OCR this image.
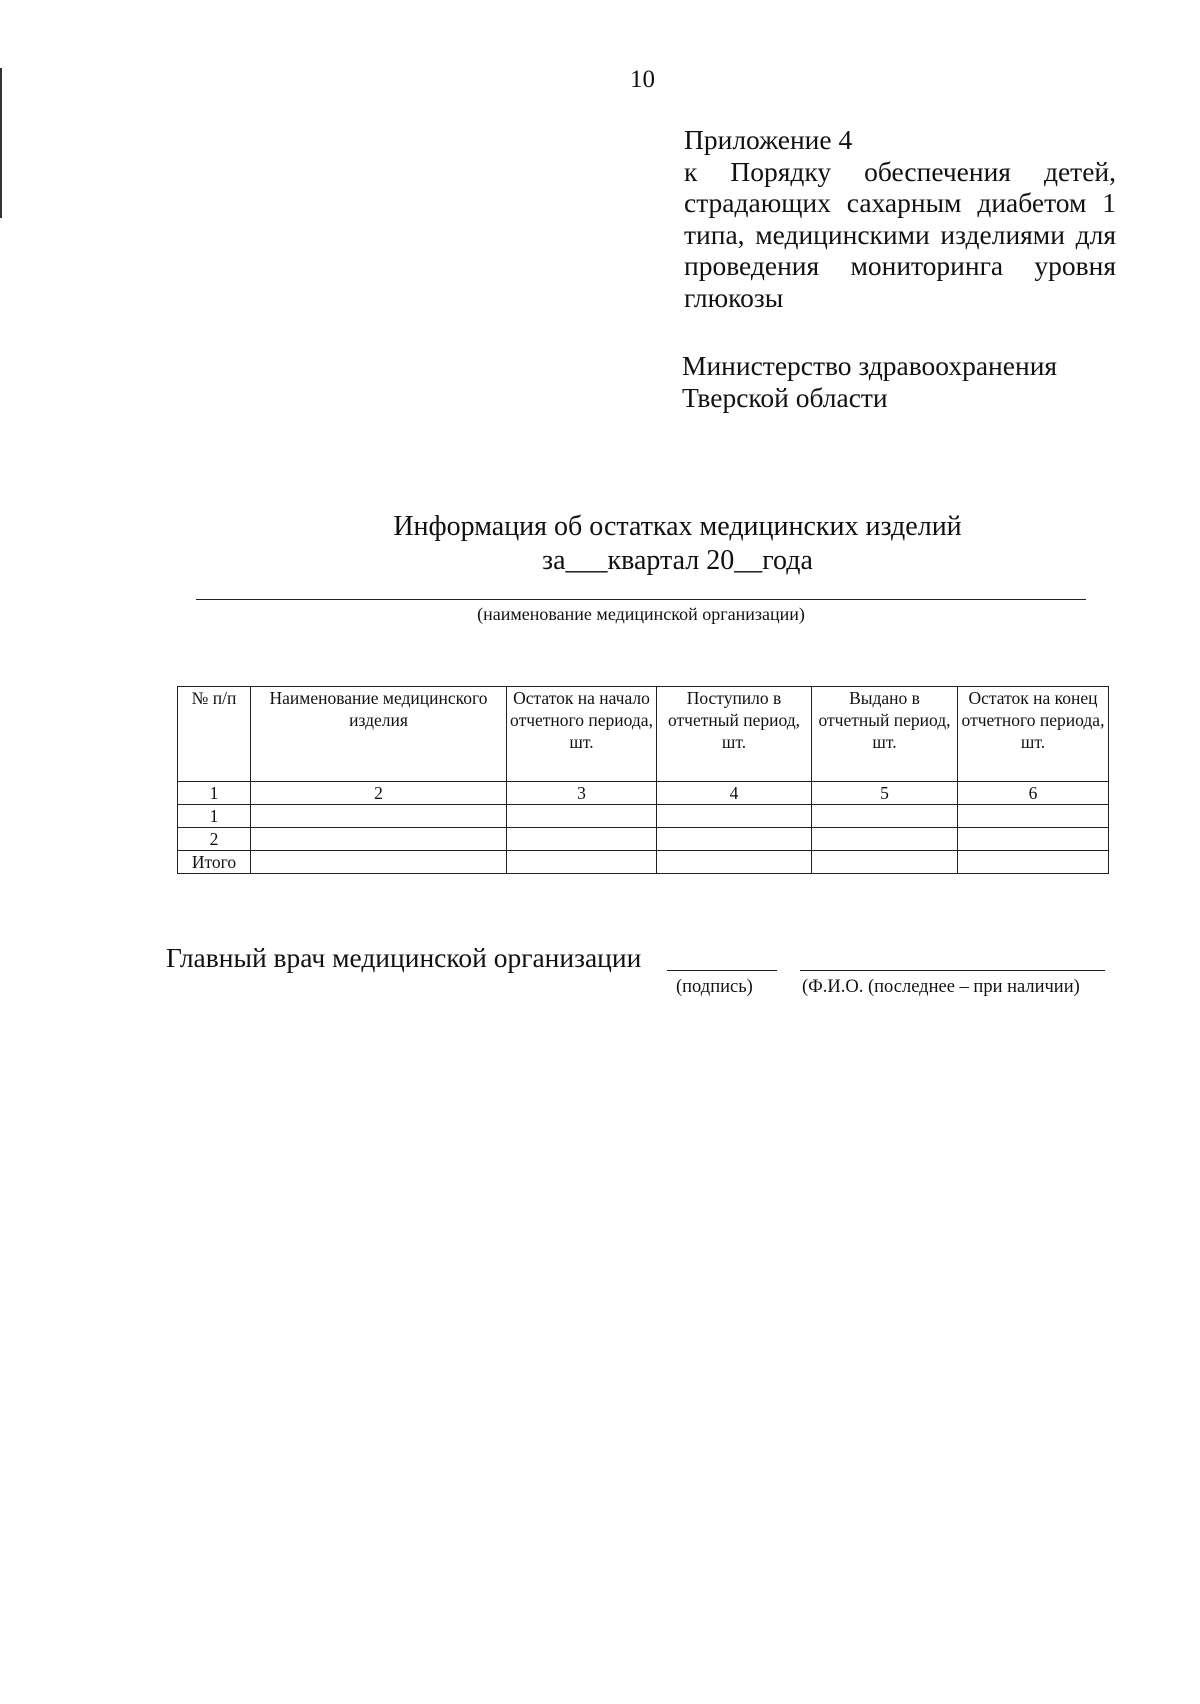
10
Приложение 4
к Порядку обеспечения детей, страдающих сахарным диабетом 1 типа, медицинскими изделиями для проведения мониторинга уровня глюкозы
Министерство здравоохранения
Тверской области
Информация об остатках медицинских изделий
за___квартал 20__года
(наименование медицинской организации)
№ п/п	Наименование медицинского изделия	Остаток на начало отчетного периода, шт.	Поступило в отчетный период, шт.	Выдано в отчетный период, шт.	Остаток на конец отчетного периода, шт.
1	2	3	4	5	6
1					
2					
Итого					
Главный врач медицинской организации
(подпись)	(Ф.И.О. (последнее – при наличии)
